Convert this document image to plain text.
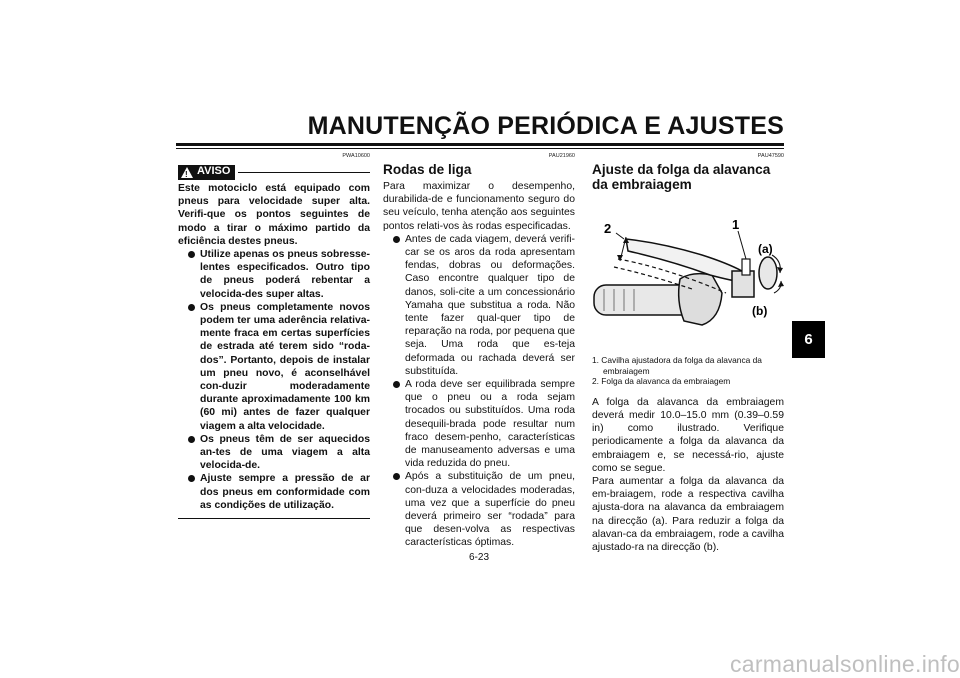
MANUTENÇÃO PERIÓDICA E AJUSTES
6
PWA10600
! AVISO
Este motociclo está equipado com pneus para velocidade super alta. Verifi-que os pontos seguintes de modo a tirar o máximo partido da eficiência destes pneus.
Utilize apenas os pneus sobresse-lentes especificados. Outro tipo de pneus poderá rebentar a velocida-des super altas.
Os pneus completamente novos podem ter uma aderência relativa-mente fraca em certas superfícies de estrada até terem sido “roda-dos”. Portanto, depois de instalar um pneu novo, é aconselhável con-duzir moderadamente durante aproximadamente 100 km (60 mi) antes de fazer qualquer viagem a alta velocidade.
Os pneus têm de ser aquecidos an-tes de uma viagem a alta velocida-de.
Ajuste sempre a pressão de ar dos pneus em conformidade com as condições de utilização.
PAU21960
Rodas de liga
Para maximizar o desempenho, durabilida-de e funcionamento seguro do seu veículo, tenha atenção aos seguintes pontos relati-vos às rodas especificadas.
Antes de cada viagem, deverá verifi-car se os aros da roda apresentam fendas, dobras ou deformações. Caso encontre qualquer tipo de danos, soli-cite a um concessionário Yamaha que substitua a roda. Não tente fazer qual-quer tipo de reparação na roda, por pequena que seja. Uma roda que es-teja deformada ou rachada deverá ser substituída.
A roda deve ser equilibrada sempre que o pneu ou a roda sejam trocados ou substituídos. Uma roda desequili-brada pode resultar num fraco desem-penho, características de manuseamento adversas e uma vida reduzida do pneu.
Após a substituição de um pneu, con-duza a velocidades moderadas, uma vez que a superfície do pneu deverá primeiro ser “rodada” para que desen-volva as respectivas características óptimas.
PAU47590
Ajuste da folga da alavanca da embraiagem
2	1
(a)
(b)
1. Cavilha ajustadora da folga da alavanca da embraiagem
2. Folga da alavanca da embraiagem
A folga da alavanca da embraiagem deverá medir 10.0–15.0 mm (0.39–0.59 in) como ilustrado. Verifique periodicamente a folga da alavanca da embraiagem e, se necessá-rio, ajuste como se segue.
Para aumentar a folga da alavanca da em-braiagem, rode a respectiva cavilha ajusta-dora na alavanca da embraiagem na direcção (a). Para reduzir a folga da alavan-ca da embraiagem, rode a cavilha ajustado-ra na direcção (b).
6-23
carmanualsonline.info
